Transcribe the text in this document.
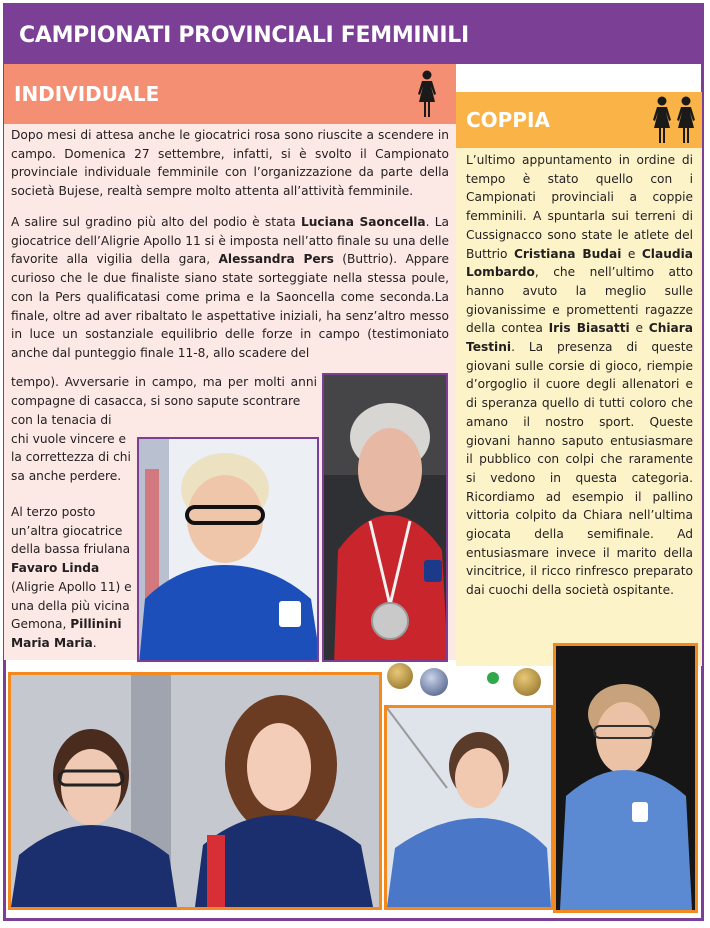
CAMPIONATI PROVINCIALI FEMMINILI
INDIVIDUALE
COPPIA
Dopo mesi di attesa anche le giocatrici rosa sono riuscite a scendere in campo. Domenica 27 settembre, infatti, si è svolto il Campionato provinciale individuale femminile con l’organizzazione da parte della società Bujese, realtà sempre molto attenta all’attività femminile.
A salire sul gradino più alto del podio è stata Luciana Saoncella. La giocatrice dell’Aligrie Apollo 11 si è imposta nell’atto finale su una delle favorite alla vigilia della gara, Alessandra Pers (Buttrio). Appare curioso che le due finaliste siano state sorteggiate nella stessa poule, con la Pers qualificatasi come prima e la Saoncella come seconda.La finale, oltre ad aver ribaltato le aspettative iniziali, ha senz’altro messo in luce un sostanziale equilibrio delle forze in campo (testimoniato anche dal punteggio finale 11-8, allo scadere del
tempo). Avversarie in campo, ma per molti anni compagne di casacca, si sono sapute scontrare
con la tenacia di
chi vuole vincere e
la correttezza di chi
sa anche perdere.
Al terzo posto un’altra giocatrice della bassa friulana Favaro Linda (Aligrie Apollo 11) e una della più vicina Gemona, Pillinini Maria Maria.
L’ultimo appuntamento in ordine di tempo è stato quello con i Campionati provinciali a coppie femminili. A spuntarla sui terreni di Cussignacco sono state le atlete del Buttrio Cristiana Budai e Claudia Lombardo, che nell’ultimo atto hanno avuto la meglio sulle giovanissime e promettenti ragazze della contea Iris Biasatti e Chiara Testini. La presenza di queste giovani sulle corsie di gioco, riempie d’orgoglio il cuore degli allenatori e di speranza quello di tutti coloro che amano il nostro sport. Queste giovani hanno saputo entusiasmare il pubblico con colpi che raramente si vedono in questa categoria. Ricordiamo ad esempio il pallino vittoria colpito da Chiara nell’ultima giocata della semifinale. Ad entusiasmare invece il marito della vincitrice, il ricco rinfresco preparato dai cuochi della società ospitante.
